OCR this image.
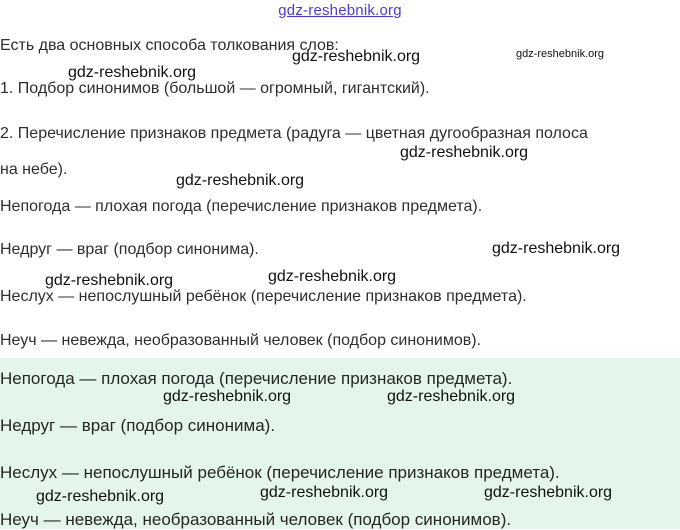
gdz-reshebnik.org
Есть два основных способа толкования слов:
1. Подбор синонимов (большой — огромный, гигантский).
2. Перечисление признаков предмета (радуга — цветная дугообразная полоса
на небе).
Непогода — плохая погода (перечисление признаков предмета).
Недруг — враг (подбор синонима).
Неслух — непослушный ребёнок (перечисление признаков предмета).
Неуч — невежда, необразованный человек (подбор синонимов).
Непогода — плохая погода (перечисление признаков предмета).
Недруг — враг (подбор синонима).
Неслух — непослушный ребёнок (перечисление признаков предмета).
Неуч — невежда, необразованный человек (подбор синонимов).
gdz-reshebnik.org	gdz-reshebnik.org
gdz-reshebnik.org
gdz-reshebnik.org
gdz-reshebnik.org
gdz-reshebnik.org
gdz-reshebnik.org
gdz-reshebnik.org
gdz-reshebnik.org	gdz-reshebnik.org
gdz-reshebnik.org	gdz-reshebnik.org
gdz-reshebnik.org
